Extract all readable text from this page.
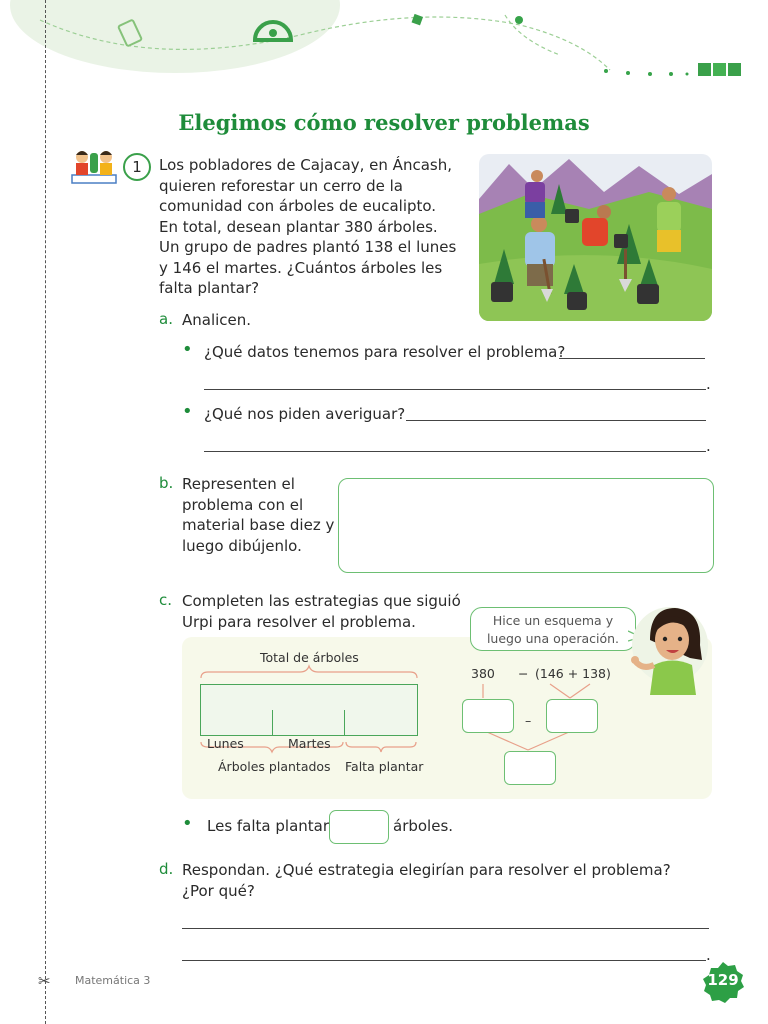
Elegimos cómo resolver problemas
1	Los pobladores de Cajacay, en Áncash,
quieren reforestar un cerro de la
comunidad con árboles de eucalipto.
En total, desean plantar 380 árboles.
Un grupo de padres plantó 138 el lunes
y 146 el martes. ¿Cuántos árboles les
falta plantar?
a. Analicen.
• ¿Qué datos tenemos para resolver el problema?
.
• ¿Qué nos piden averiguar?
.
b. Representen el
problema con el
material base diez y
luego dibújenlo.
c. Completen las estrategias que siguió
Urpi para resolver el problema.	Hice un esquema y
luego una operación.
Total de árboles
Lunes	Martes
Árboles plantados Falta plantar
380 − (146 + 138)
–
• Les falta plantar	árboles.
d. Respondan. ¿Qué estrategia elegirían para resolver el problema?
¿Por qué?
.
✂ Matemática 3	129
